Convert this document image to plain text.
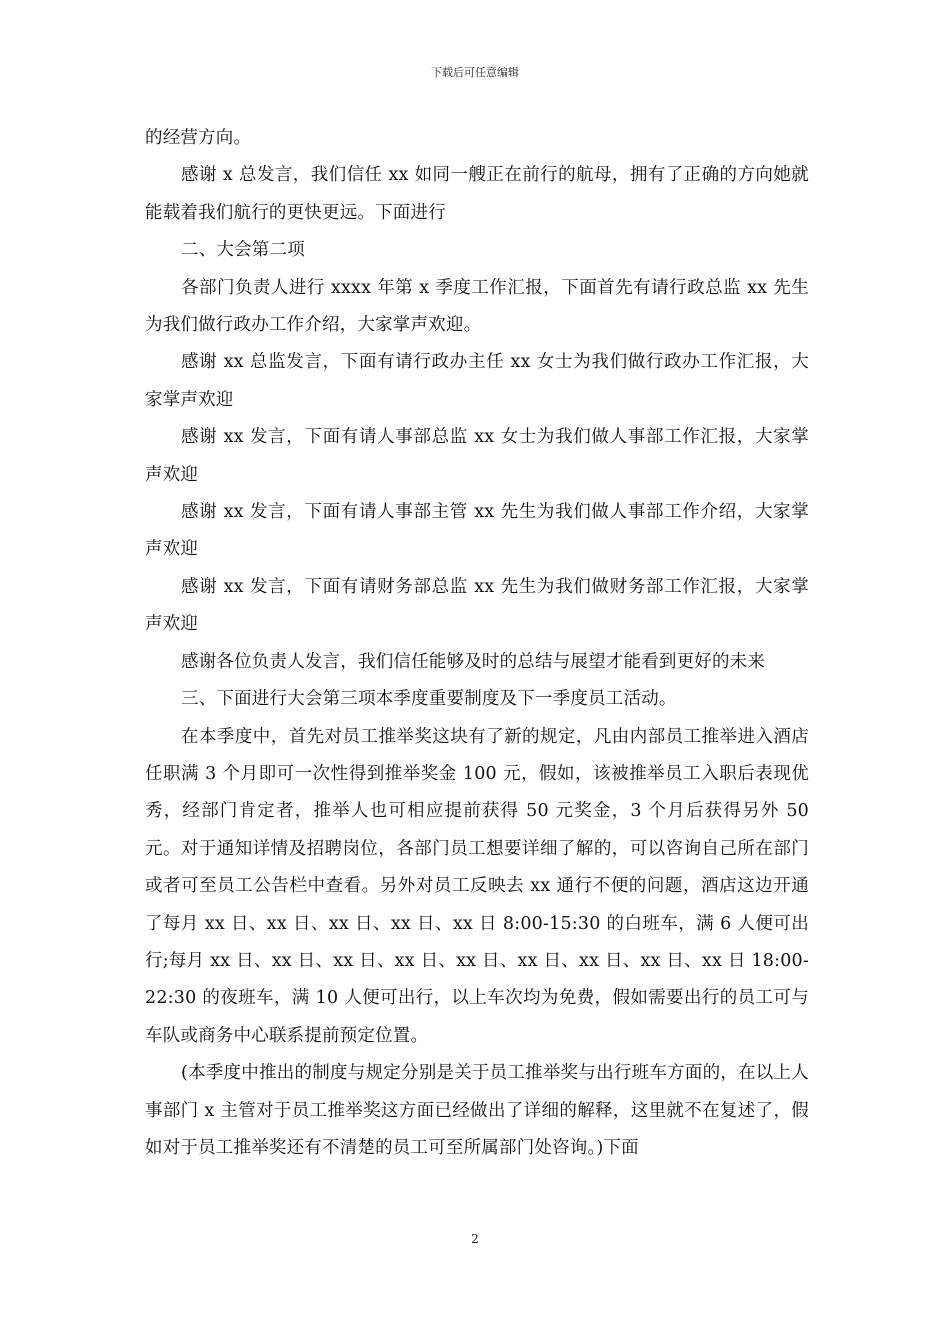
下载后可任意编辑

的经营方向。

感谢 x 总发言，我们信任 xx 如同一艘正在前行的航母，拥有了正确的方向她就能载着我们航行的更快更远。下面进行

二、大会第二项

各部门负责人进行 xxxx 年第 x 季度工作汇报，下面首先有请行政总监 xx 先生为我们做行政办工作介绍，大家掌声欢迎。

感谢 xx 总监发言，下面有请行政办主任 xx 女士为我们做行政办工作汇报，大家掌声欢迎

感谢 xx 发言，下面有请人事部总监 xx 女士为我们做人事部工作汇报，大家掌声欢迎

感谢 xx 发言，下面有请人事部主管 xx 先生为我们做人事部工作介绍，大家掌声欢迎

感谢 xx 发言，下面有请财务部总监 xx 先生为我们做财务部工作汇报，大家掌声欢迎

感谢各位负责人发言，我们信任能够及时的总结与展望才能看到更好的未来

三、下面进行大会第三项本季度重要制度及下一季度员工活动。

在本季度中，首先对员工推举奖这块有了新的规定，凡由内部员工推举进入酒店任职满 3 个月即可一次性得到推举奖金 100 元，假如，该被推举员工入职后表现优秀，经部门肯定者，推举人也可相应提前获得 50 元奖金，3 个月后获得另外 50 元。对于通知详情及招聘岗位，各部门员工想要详细了解的，可以咨询自己所在部门或者可至员工公告栏中查看。另外对员工反映去 xx 通行不便的问题，酒店这边开通了每月 xx 日、xx 日、xx 日、xx 日、xx 日 8:00-15:30 的白班车，满 6 人便可出行;每月 xx 日、xx 日、xx 日、xx 日、xx 日、xx 日、xx 日、xx 日、xx 日 18:00-22:30 的夜班车，满 10 人便可出行，以上车次均为免费，假如需要出行的员工可与车队或商务中心联系提前预定位置。

(本季度中推出的制度与规定分别是关于员工推举奖与出行班车方面的，在以上人事部门 x 主管对于员工推举奖这方面已经做出了详细的解释，这里就不在复述了，假如对于员工推举奖还有不清楚的员工可至所属部门处咨询。)下面

2
